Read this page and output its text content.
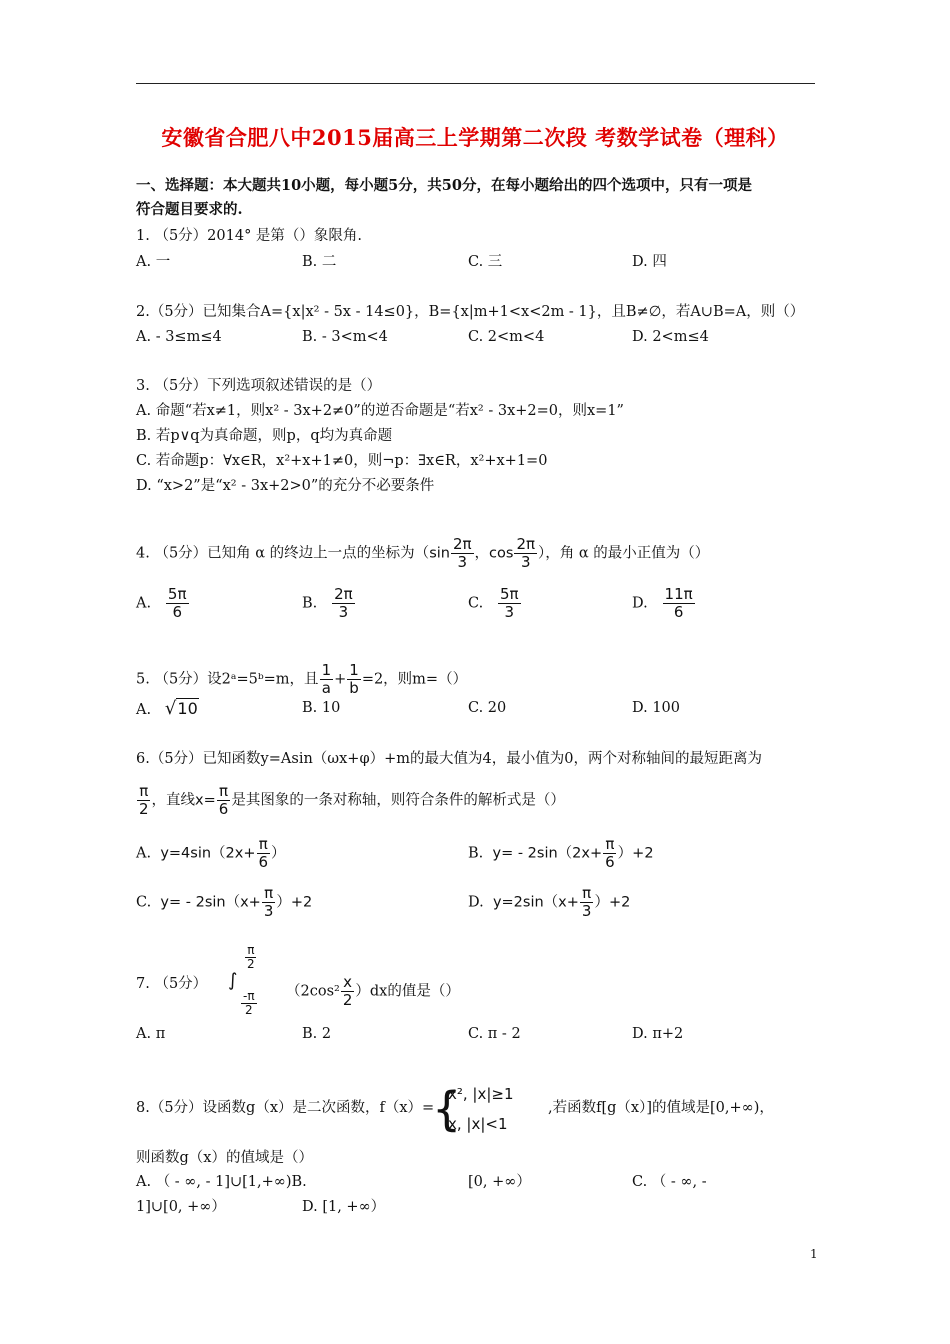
安徽省合肥八中2015届高三上学期第二次段 考数学试卷（理科）
一、选择题：本大题共10小题，每小题5分，共50分，在每小题给出的四个选项中，只有一项是
符合题目要求的.
1. （5分）2014° 是第（）象限角.
A. 一	B. 二	C. 三	D. 四
2.（5分）已知集合A={x|x² - 5x - 14≤0}，B={x|m+1<x<2m - 1}，且B≠∅，若A∪B=A，则（）
A. - 3≤m≤4	B. - 3<m<4	C. 2<m<4	D. 2<m≤4
3. （5分）下列选项叙述错误的是（）
A. 命题“若x≠1，则x² - 3x+2≠0”的逆否命题是“若x² - 3x+2=0，则x=1”
B. 若p∨q为真命题，则p，q均为真命题
C. 若命题p：∀x∈R，x²+x+1≠0，则¬p：∃x∈R，x²+x+1=0
D. “x>2”是“x² - 3x+2>0”的充分不必要条件
4. （5分）已知角 α 的终边上一点的坐标为（$\sin \frac{2\pi}{3}$ ，$\cos \frac{2\pi}{3}$ ），角 α 的最小正值为（）
A. $\frac{5\pi}{6}$	B. $\frac{2\pi}{3}$	C. $\frac{5\pi}{3}$	D. $\frac{11\pi}{6}$
5. （5分）设2ᵃ=5ᵇ=m，且 $\frac{1}{a} + \frac{1}{b} =2$，则m=（）
A. √10	B. 10	C. 20	D. 100
6.（5分）已知函数y=Asin（ωx+φ）+m的最大值为4，最小值为0，两个对称轴间的最短距离为
$\frac{\pi}{2}$ ，直线$x= \frac{\pi}{6}$ 是其图象的一条对称轴，则符合条件的解析式是（）
A. $y=4\sin(2x+ \frac{\pi}{6}$ ）	B. $y= - 2\sin(2x+ \frac{\pi}{6} )+2$
C. $y= - 2\sin(x+ \frac{\pi}{3} )+2$	D. $y=2\sin(x+ \frac{\pi}{3} )+2$
7. （5分） ∫
$\frac{\pi}{2}$
$\frac{-\pi}{2} (2\cos^2 \frac{x}{2} )dx$的值是（）
A. π	B. 2	C. π - 2	D. π+2
8.（5分）设函数g（x）是二次函数，f（x）=
{
x², |x|≥1
x, |x|<1
,若函数f[g（x）]的值域是[0,+∞)，
则函数g（x）的值域是（）
A. （ - ∞, - 1]∪[1,+∞)B.	[0, +∞）	C. （ - ∞, -
1]∪[0, +∞）	D. [1, +∞）
1
